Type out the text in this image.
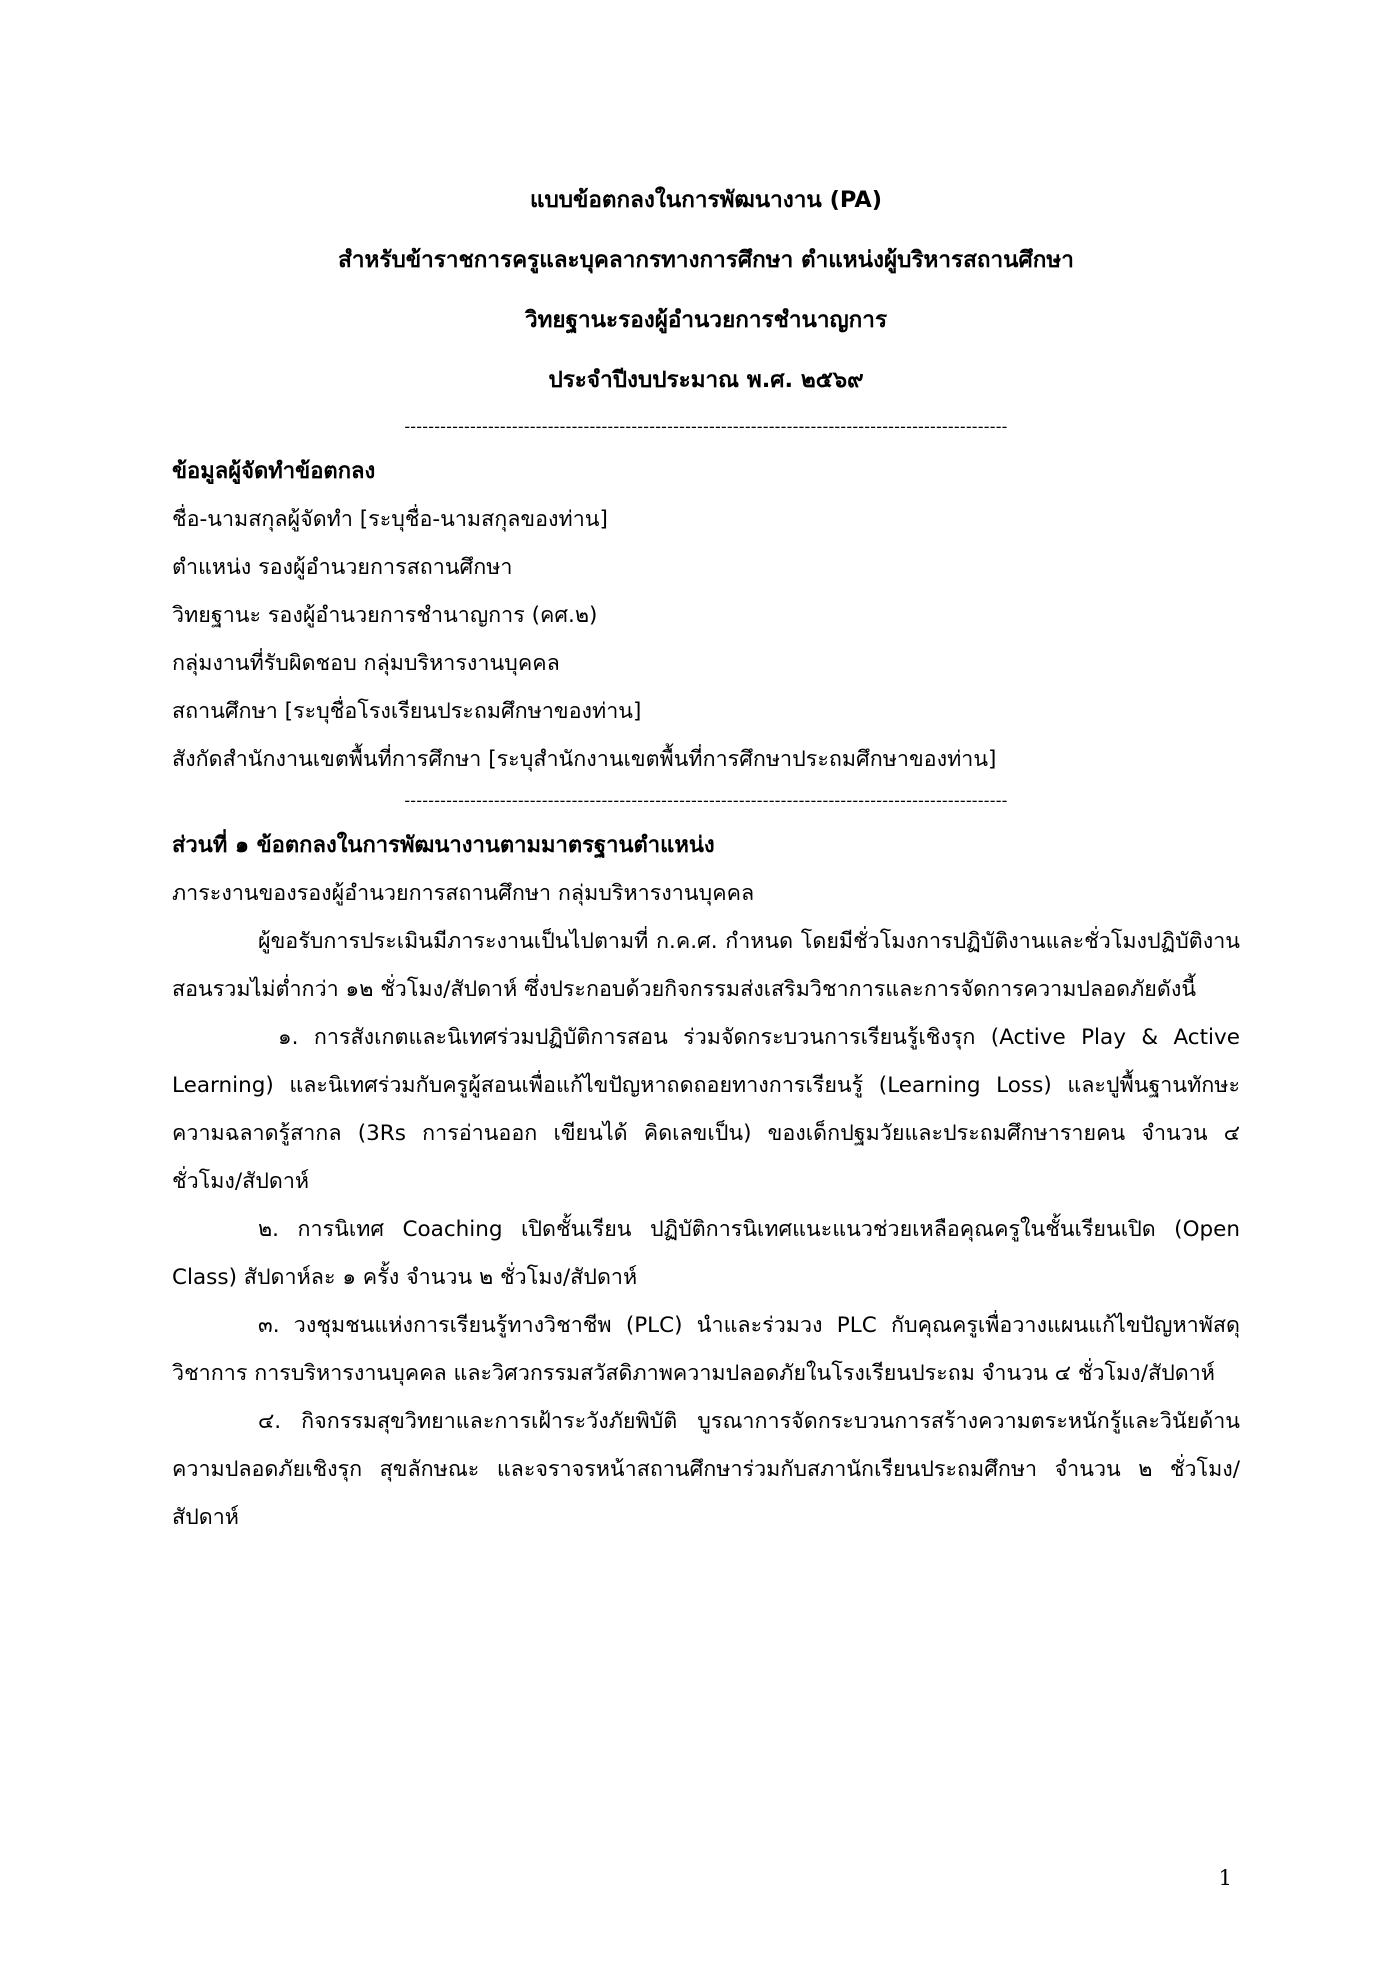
แบบข้อตกลงในการพัฒนางาน (PA)
สำหรับข้าราชการครูและบุคลากรทางการศึกษา ตำแหน่งผู้บริหารสถานศึกษา
วิทยฐานะรองผู้อำนวยการชำนาญการ
ประจำปีงบประมาณ พ.ศ. ๒๕๖๙
-----------------------------------------------------------------------------------------------------
ข้อมูลผู้จัดทำข้อตกลง
ชื่อ-นามสกุลผู้จัดทำ [ระบุชื่อ-นามสกุลของท่าน]
ตำแหน่ง รองผู้อำนวยการสถานศึกษา
วิทยฐานะ รองผู้อำนวยการชำนาญการ (คศ.๒)
กลุ่มงานที่รับผิดชอบ กลุ่มบริหารงานบุคคล
สถานศึกษา [ระบุชื่อโรงเรียนประถมศึกษาของท่าน]
สังกัดสำนักงานเขตพื้นที่การศึกษา [ระบุสำนักงานเขตพื้นที่การศึกษาประถมศึกษาของท่าน]
-----------------------------------------------------------------------------------------------------
ส่วนที่ ๑ ข้อตกลงในการพัฒนางานตามมาตรฐานตำแหน่ง
ภาระงานของรองผู้อำนวยการสถานศึกษา กลุ่มบริหารงานบุคคล
ผู้ขอรับการประเมินมีภาระงานเป็นไปตามที่ ก.ค.ศ. กำหนด โดยมีชั่วโมงการปฏิบัติงานและชั่วโมงปฏิบัติงานสอนรวมไม่ต่ำกว่า ๑๒ ชั่วโมง/สัปดาห์ ซึ่งประกอบด้วยกิจกรรมส่งเสริมวิชาการและการจัดการความปลอดภัยดังนี้
๑. การสังเกตและนิเทศร่วมปฏิบัติการสอน ร่วมจัดกระบวนการเรียนรู้เชิงรุก (Active Play & Active Learning) และนิเทศร่วมกับครูผู้สอนเพื่อแก้ไขปัญหาถดถอยทางการเรียนรู้ (Learning Loss) และปูพื้นฐานทักษะความฉลาดรู้สากล (3Rs การอ่านออก เขียนได้ คิดเลขเป็น) ของเด็กปฐมวัยและประถมศึกษารายคน จำนวน ๔ ชั่วโมง/สัปดาห์
๒. การนิเทศ Coaching เปิดชั้นเรียน ปฏิบัติการนิเทศแนะแนวช่วยเหลือคุณครูในชั้นเรียนเปิด (Open Class) สัปดาห์ละ ๑ ครั้ง จำนวน ๒ ชั่วโมง/สัปดาห์
๓. วงชุมชนแห่งการเรียนรู้ทางวิชาชีพ (PLC) นำและร่วมวง PLC กับคุณครูเพื่อวางแผนแก้ไขปัญหาพัสดุวิชาการ การบริหารงานบุคคล และวิศวกรรมสวัสดิภาพความปลอดภัยในโรงเรียนประถม จำนวน ๔ ชั่วโมง/สัปดาห์
๔. กิจกรรมสุขวิทยาและการเฝ้าระวังภัยพิบัติ บูรณาการจัดกระบวนการสร้างความตระหนักรู้และวินัยด้านความปลอดภัยเชิงรุก สุขลักษณะ และจราจรหน้าสถานศึกษาร่วมกับสภานักเรียนประถมศึกษา จำนวน ๒ ชั่วโมง/สัปดาห์
1
